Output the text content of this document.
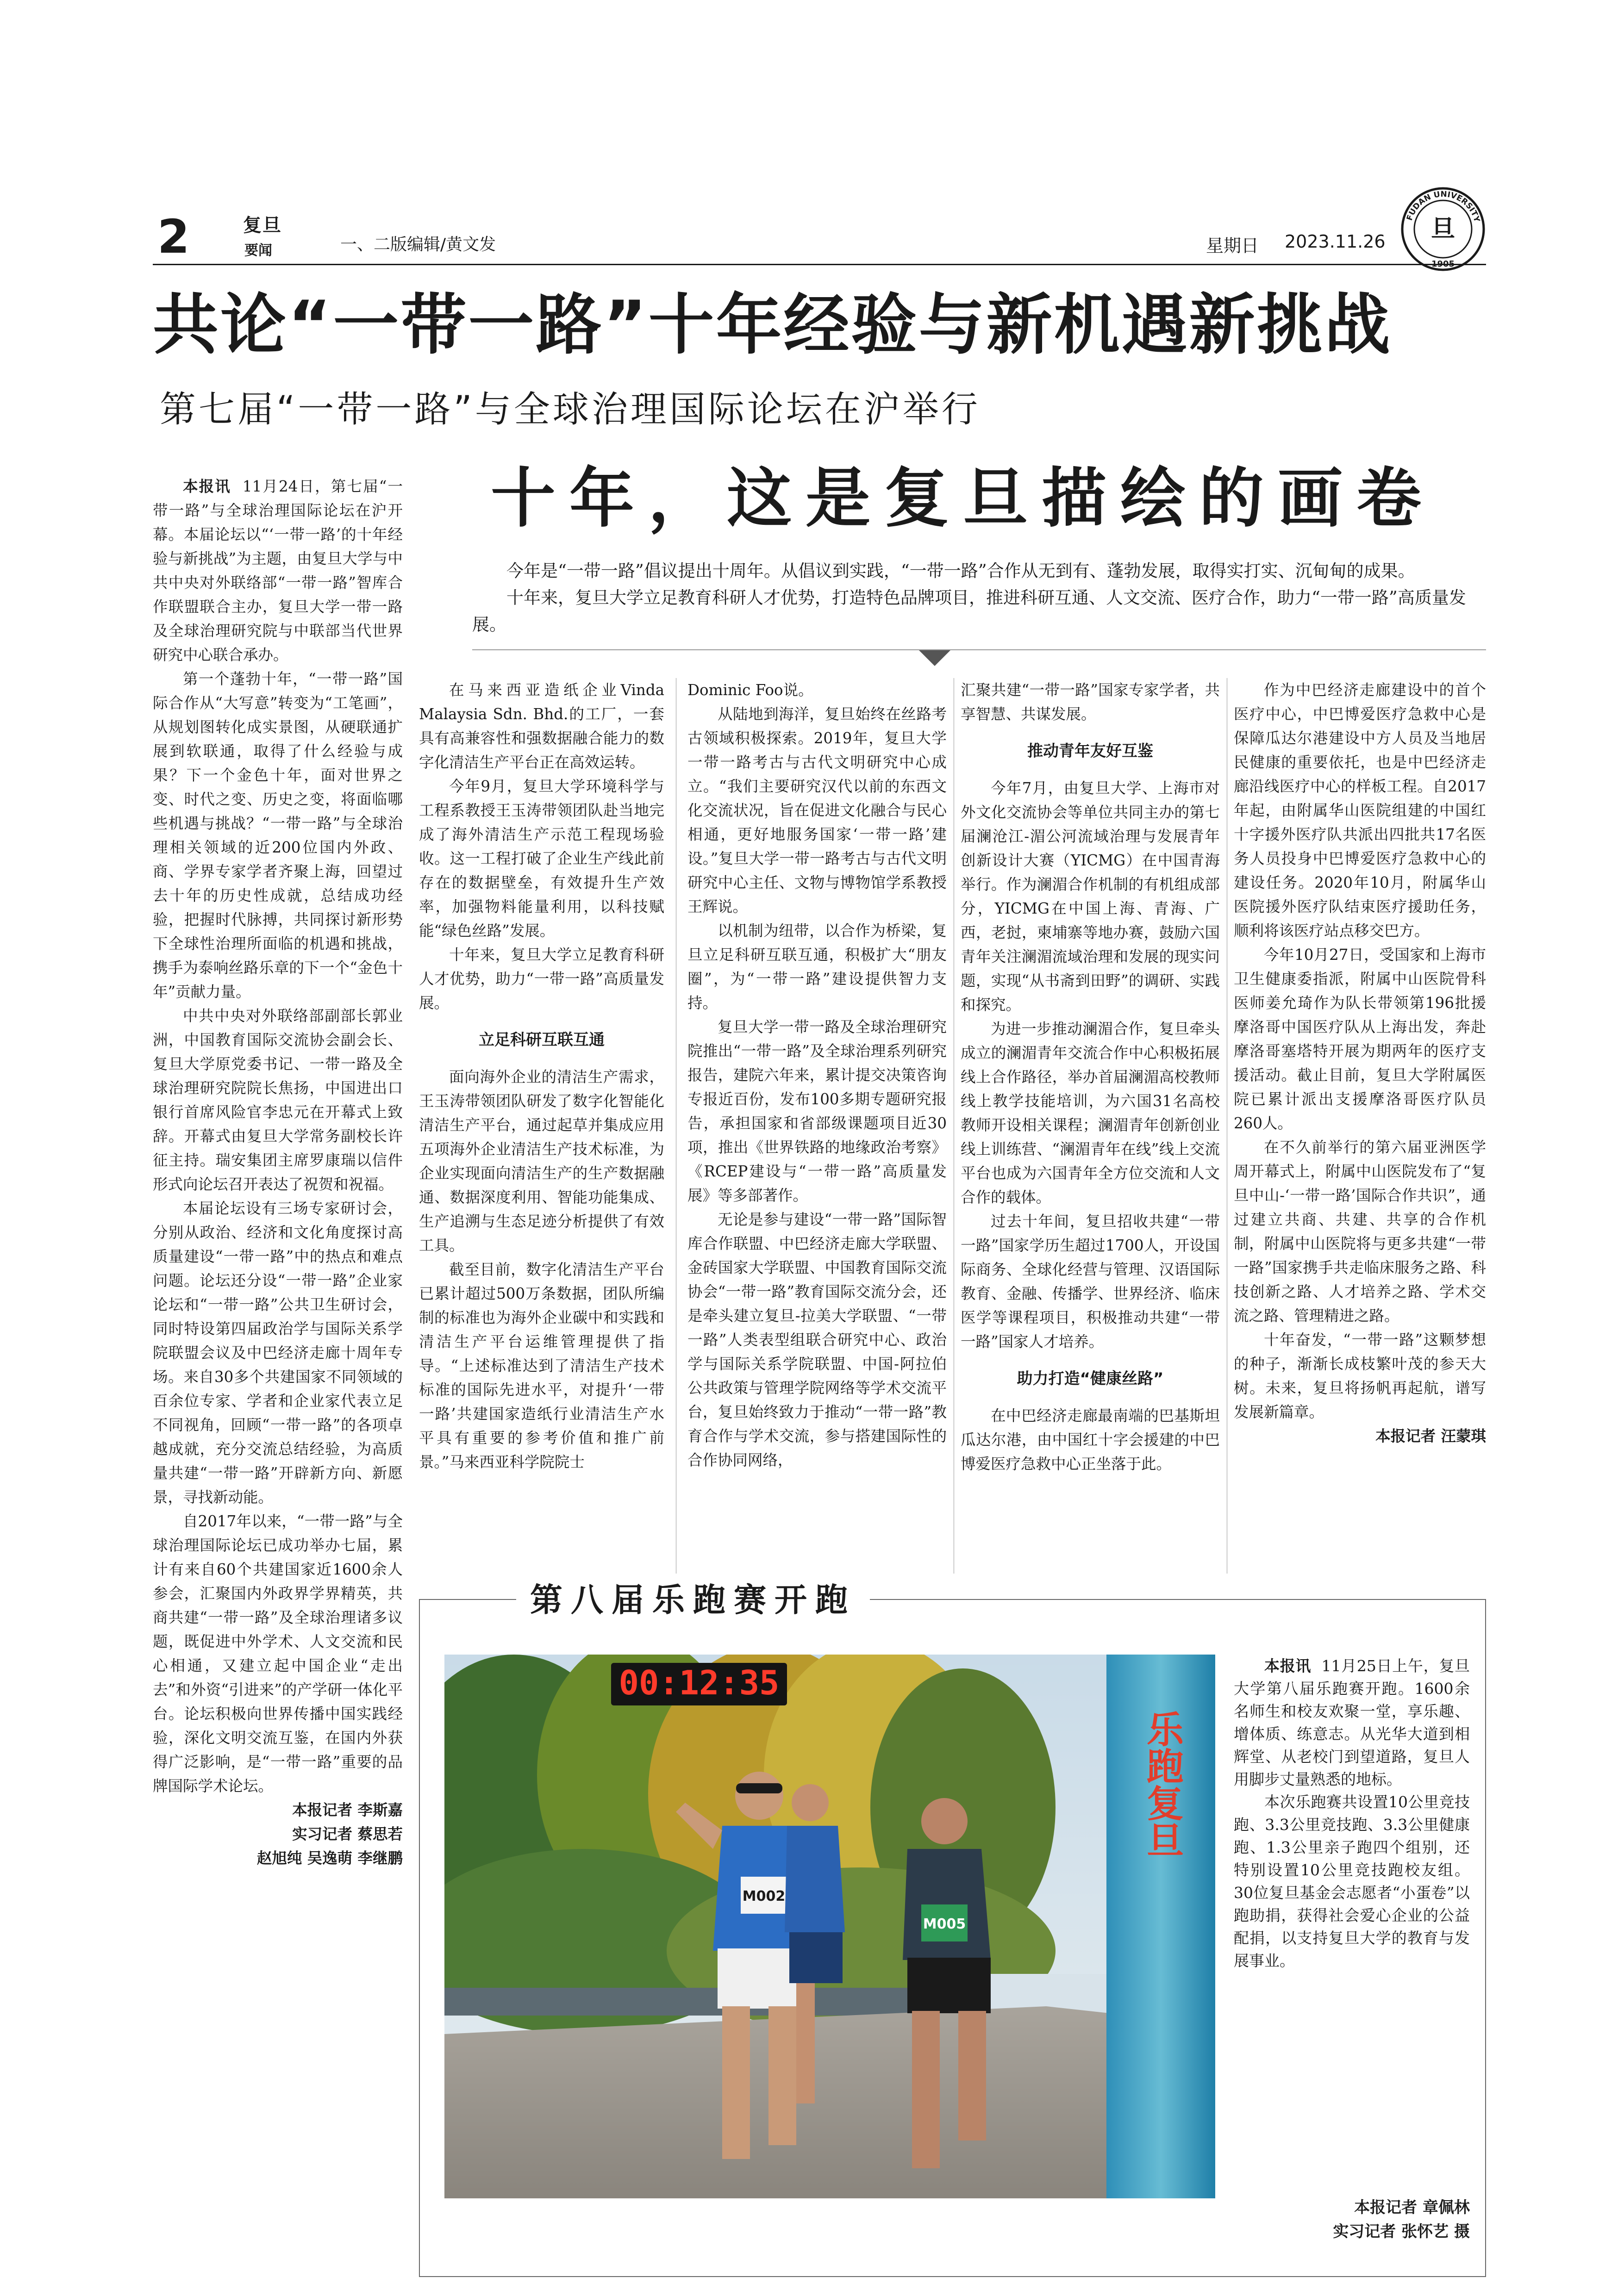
2	复旦
要闻	一、二版编辑/黄文发	星期日 2023.11.26
FUDAN UNIVERSITY
旦
1905
共论“一带一路”十年经验与新机遇新挑战
第七届“一带一路”与全球治理国际论坛在沪举行

本报讯 11月24日，第七届“一带一路”与全球治理国际论坛在沪开幕。本届论坛以“‘一带一路’的十年经验与新挑战”为主题，由复旦大学与中共中央对外联络部“一带一路”智库合作联盟联合主办，复旦大学一带一路及全球治理研究院与中联部当代世界研究中心联合承办。

第一个蓬勃十年，“一带一路”国际合作从“大写意”转变为“工笔画”，从规划图转化成实景图，从硬联通扩展到软联通，取得了什么经验与成果？下一个金色十年，面对世界之变、时代之变、历史之变，将面临哪些机遇与挑战？“一带一路”与全球治理相关领域的近200位国内外政、商、学界专家学者齐聚上海，回望过去十年的历史性成就，总结成功经验，把握时代脉搏，共同探讨新形势下全球性治理所面临的机遇和挑战，携手为泰响丝路乐章的下一个“金色十年”贡献力量。

中共中央对外联络部副部长郭业洲，中国教育国际交流协会副会长、复旦大学原党委书记、一带一路及全球治理研究院院长焦扬，中国进出口银行首席风险官李忠元在开幕式上致辞。开幕式由复旦大学常务副校长许征主持。瑞安集团主席罗康瑞以信件形式向论坛召开表达了祝贺和祝福。

本届论坛设有三场专家研讨会，分别从政治、经济和文化角度探讨高质量建设“一带一路”中的热点和难点问题。论坛还分设“一带一路”企业家论坛和“一带一路”公共卫生研讨会，同时特设第四届政治学与国际关系学院联盟会议及中巴经济走廊十周年专场。来自30多个共建国家不同领域的百余位专家、学者和企业家代表立足不同视角，回顾“一带一路”的各项卓越成就，充分交流总结经验，为高质量共建“一带一路”开辟新方向、新愿景，寻找新动能。

自2017年以来，“一带一路”与全球治理国际论坛已成功举办七届，累计有来自60个共建国家近1600余人参会，汇聚国内外政界学界精英，共商共建“一带一路”及全球治理诸多议题，既促进中外学术、人文交流和民心相通，又建立起中国企业“走出去”和外资“引进来”的产学研一体化平台。论坛积极向世界传播中国实践经验，深化文明交流互鉴，在国内外获得广泛影响，是“一带一路”重要的品牌国际学术论坛。

本报记者 李斯嘉

实习记者 蔡思若

赵旭纯 吴逸萌 李继鹏

十年，这是复旦描绘的画卷

今年是“一带一路”倡议提出十周年。从倡议到实践，“一带一路”合作从无到有、蓬勃发展，取得实打实、沉甸甸的成果。

十年来，复旦大学立足教育科研人才优势，打造特色品牌项目，推进科研互通、人文交流、医疗合作，助力“一带一路”高质量发展。

在马来西亚造纸企业Vinda Malaysia Sdn. Bhd.的工厂，一套具有高兼容性和强数据融合能力的数字化清洁生产平台正在高效运转。

今年9月，复旦大学环境科学与工程系教授王玉涛带领团队赴当地完成了海外清洁生产示范工程现场验收。这一工程打破了企业生产线此前存在的数据壁垒，有效提升生产效率，加强物料能量利用，以科技赋能“绿色丝路”发展。

十年来，复旦大学立足教育科研人才优势，助力“一带一路”高质量发展。

立足科研互联互通

面向海外企业的清洁生产需求，王玉涛带领团队研发了数字化智能化清洁生产平台，通过起草并集成应用五项海外企业清洁生产技术标准，为企业实现面向清洁生产的生产数据融通、数据深度利用、智能功能集成、生产追溯与生态足迹分析提供了有效工具。

截至目前，数字化清洁生产平台已累计超过500万条数据，团队所编制的标准也为海外企业碳中和实践和清洁生产平台运维管理提供了指导。“上述标准达到了清洁生产技术标准的国际先进水平，对提升‘一带一路’共建国家造纸行业清洁生产水平具有重要的参考价值和推广前景。”马来西亚科学院院士

Dominic Foo说。

从陆地到海洋，复旦始终在丝路考古领域积极探索。2019年，复旦大学一带一路考古与古代文明研究中心成立。“我们主要研究汉代以前的东西文化交流状况，旨在促进文化融合与民心相通，更好地服务国家‘一带一路’建设。”复旦大学一带一路考古与古代文明研究中心主任、文物与博物馆学系教授王辉说。

以机制为纽带，以合作为桥梁，复旦立足科研互联互通，积极扩大“朋友圈”，为“一带一路”建设提供智力支持。

复旦大学一带一路及全球治理研究院推出“一带一路”及全球治理系列研究报告，建院六年来，累计提交决策咨询专报近百份，发布100多期专题研究报告，承担国家和省部级课题项目近30项，推出《世界铁路的地缘政治考察》《RCEP建设与“一带一路”高质量发展》等多部著作。

无论是参与建设“一带一路”国际智库合作联盟、中巴经济走廊大学联盟、金砖国家大学联盟、中国教育国际交流协会“一带一路”教育国际交流分会，还是牵头建立复旦-拉美大学联盟、“一带一路”人类表型组联合研究中心、政治学与国际关系学院联盟、中国-阿拉伯公共政策与管理学院网络等学术交流平台，复旦始终致力于推动“一带一路”教育合作与学术交流，参与搭建国际性的合作协同网络，

汇聚共建“一带一路”国家专家学者，共享智慧、共谋发展。

推动青年友好互鉴

今年7月，由复旦大学、上海市对外文化交流协会等单位共同主办的第七届澜沧江-湄公河流域治理与发展青年创新设计大赛（YICMG）在中国青海举行。作为澜湄合作机制的有机组成部分，YICMG在中国上海、青海、广西，老挝，柬埔寨等地办赛，鼓励六国青年关注澜湄流域治理和发展的现实问题，实现“从书斋到田野”的调研、实践和探究。

为进一步推动澜湄合作，复旦牵头成立的澜湄青年交流合作中心积极拓展线上合作路径，举办首届澜湄高校教师线上教学技能培训，为六国31名高校教师开设相关课程；澜湄青年创新创业线上训练营、“澜湄青年在线”线上交流平台也成为六国青年全方位交流和人文合作的载体。

过去十年间，复旦招收共建“一带一路”国家学历生超过1700人，开设国际商务、全球化经营与管理、汉语国际教育、金融、传播学、世界经济、临床医学等课程项目，积极推动共建“一带一路”国家人才培养。

助力打造“健康丝路”

在中巴经济走廊最南端的巴基斯坦瓜达尔港，由中国红十字会援建的中巴博爱医疗急救中心正坐落于此。

作为中巴经济走廊建设中的首个医疗中心，中巴博爱医疗急救中心是保障瓜达尔港建设中方人员及当地居民健康的重要依托，也是中巴经济走廊沿线医疗中心的样板工程。自2017年起，由附属华山医院组建的中国红十字援外医疗队共派出四批共17名医务人员投身中巴博爱医疗急救中心的建设任务。2020年10月，附属华山医院援外医疗队结束医疗援助任务，顺利将该医疗站点移交巴方。

今年10月27日，受国家和上海市卫生健康委指派，附属中山医院骨科医师姜允琦作为队长带领第196批援摩洛哥中国医疗队从上海出发，奔赴摩洛哥塞塔特开展为期两年的医疗支援活动。截止目前，复旦大学附属医院已累计派出支援摩洛哥医疗队员260人。

在不久前举行的第六届亚洲医学周开幕式上，附属中山医院发布了“复旦中山-‘一带一路’国际合作共识”，通过建立共商、共建、共享的合作机制，附属中山医院将与更多共建“一带一路”国家携手共走临床服务之路、科技创新之路、人才培养之路、学术交流之路、管理精进之路。

十年奋发，“一带一路”这颗梦想的种子，渐渐长成枝繁叶茂的参天大树。未来，复旦将扬帆再起航，谱写发展新篇章。

本报记者 汪蒙琪

第八届乐跑赛开跑
00:12:35
M002
M005
乐跑复旦

本报讯 11月25日上午，复旦大学第八届乐跑赛开跑。1600余名师生和校友欢聚一堂，享乐趣、增体质、练意志。从光华大道到相辉堂、从老校门到望道路，复旦人用脚步丈量熟悉的地标。

本次乐跑赛共设置10公里竞技跑、3.3公里竞技跑、3.3公里健康跑、1.3公里亲子跑四个组别，还特别设置10公里竞技跑校友组。30位复旦基金会志愿者“小蛋卷”以跑助捐，获得社会爱心企业的公益配捐，以支持复旦大学的教育与发展事业。

本报记者 章佩林
实习记者 张怀艺 摄
